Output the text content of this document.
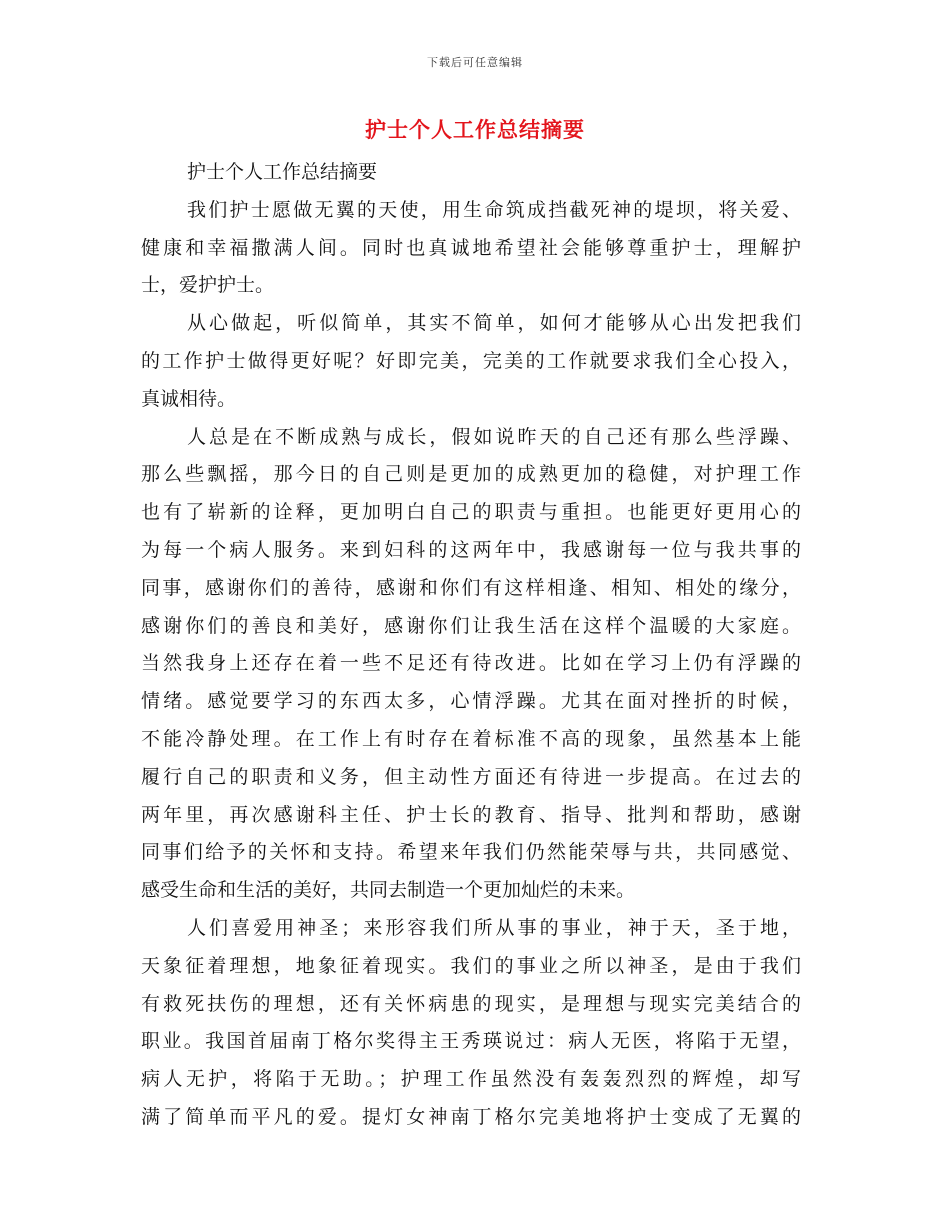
下载后可任意编辑
护士个人工作总结摘要
护士个人工作总结摘要
我们护士愿做无翼的天使，用生命筑成挡截死神的堤坝，将关爱、
健康和幸福撒满人间。同时也真诚地希望社会能够尊重护士，理解护
士，爱护护士。
从心做起，听似简单，其实不简单，如何才能够从心出发把我们
的工作护士做得更好呢？好即完美，完美的工作就要求我们全心投入，
真诚相待。
人总是在不断成熟与成长，假如说昨天的自己还有那么些浮躁、
那么些飘摇，那今日的自己则是更加的成熟更加的稳健，对护理工作
也有了崭新的诠释，更加明白自己的职责与重担。也能更好更用心的
为每一个病人服务。来到妇科的这两年中，我感谢每一位与我共事的
同事，感谢你们的善待，感谢和你们有这样相逢、相知、相处的缘分，
感谢你们的善良和美好，感谢你们让我生活在这样个温暖的大家庭。
当然我身上还存在着一些不足还有待改进。比如在学习上仍有浮躁的
情绪。感觉要学习的东西太多，心情浮躁。尤其在面对挫折的时候，
不能冷静处理。在工作上有时存在着标准不高的现象，虽然基本上能
履行自己的职责和义务，但主动性方面还有待进一步提高。在过去的
两年里，再次感谢科主任、护士长的教育、指导、批判和帮助，感谢
同事们给予的关怀和支持。希望来年我们仍然能荣辱与共，共同感觉、
感受生命和生活的美好，共同去制造一个更加灿烂的未来。
人们喜爱用神圣；来形容我们所从事的事业，神于天，圣于地，
天象征着理想，地象征着现实。我们的事业之所以神圣，是由于我们
有救死扶伤的理想，还有关怀病患的现实，是理想与现实完美结合的
职业。我国首届南丁格尔奖得主王秀瑛说过：病人无医，将陷于无望，
病人无护，将陷于无助。；护理工作虽然没有轰轰烈烈的辉煌，却写
满了简单而平凡的爱。提灯女神南丁格尔完美地将护士变成了无翼的
